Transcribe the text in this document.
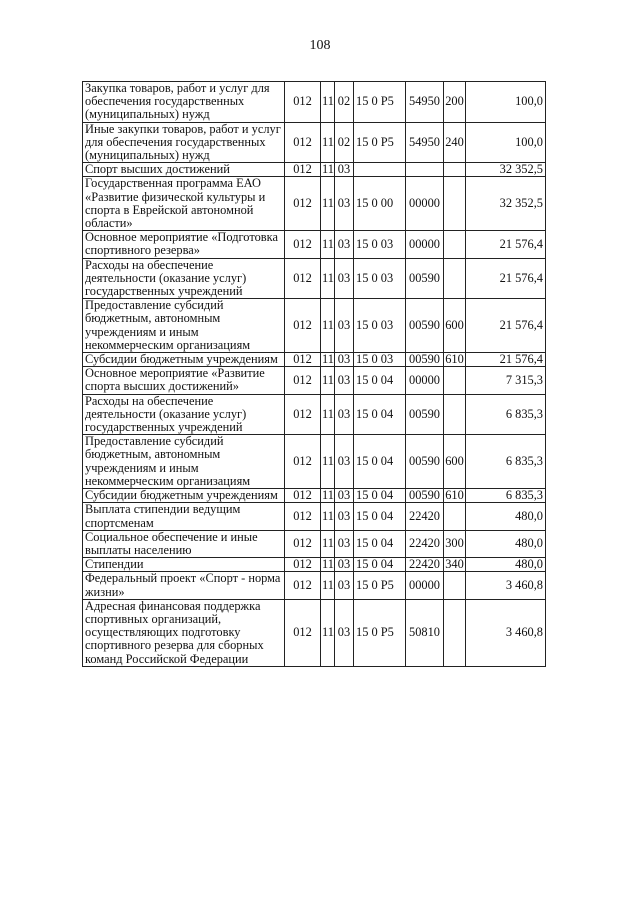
108
Закупка товаров, работ и услуг для обеспечения государственных (муниципальных) нужд	012	11	02	15 0 P5	54950	200	100,0
Иные закупки товаров, работ и услуг для обеспечения государственных (муниципальных) нужд	012	11	02	15 0 P5	54950	240	100,0
Спорт высших достижений	012	11	03				32 352,5
Государственная программа ЕАО «Развитие физической культуры и спорта в Еврейской автономной области»	012	11	03	15 0 00	00000		32 352,5
Основное мероприятие «Подготовка спортивного резерва»	012	11	03	15 0 03	00000		21 576,4
Расходы на обеспечение деятельности (оказание услуг) государственных учреждений	012	11	03	15 0 03	00590		21 576,4
Предоставление субсидий бюджетным, автономным учреждениям и иным некоммерческим организациям	012	11	03	15 0 03	00590	600	21 576,4
Субсидии бюджетным учреждениям	012	11	03	15 0 03	00590	610	21 576,4
Основное мероприятие «Развитие спорта высших достижений»	012	11	03	15 0 04	00000		7 315,3
Расходы на обеспечение деятельности (оказание услуг) государственных учреждений	012	11	03	15 0 04	00590		6 835,3
Предоставление субсидий бюджетным, автономным учреждениям и иным некоммерческим организациям	012	11	03	15 0 04	00590	600	6 835,3
Субсидии бюджетным учреждениям	012	11	03	15 0 04	00590	610	6 835,3
Выплата стипендии ведущим спортсменам	012	11	03	15 0 04	22420		480,0
Социальное обеспечение и иные выплаты населению	012	11	03	15 0 04	22420	300	480,0
Стипендии	012	11	03	15 0 04	22420	340	480,0
Федеральный проект «Спорт - норма жизни»	012	11	03	15 0 P5	00000		3 460,8
Адресная финансовая поддержка спортивных организаций, осуществляющих подготовку спортивного резерва для сборных команд Российской Федерации	012	11	03	15 0 P5	50810		3 460,8
